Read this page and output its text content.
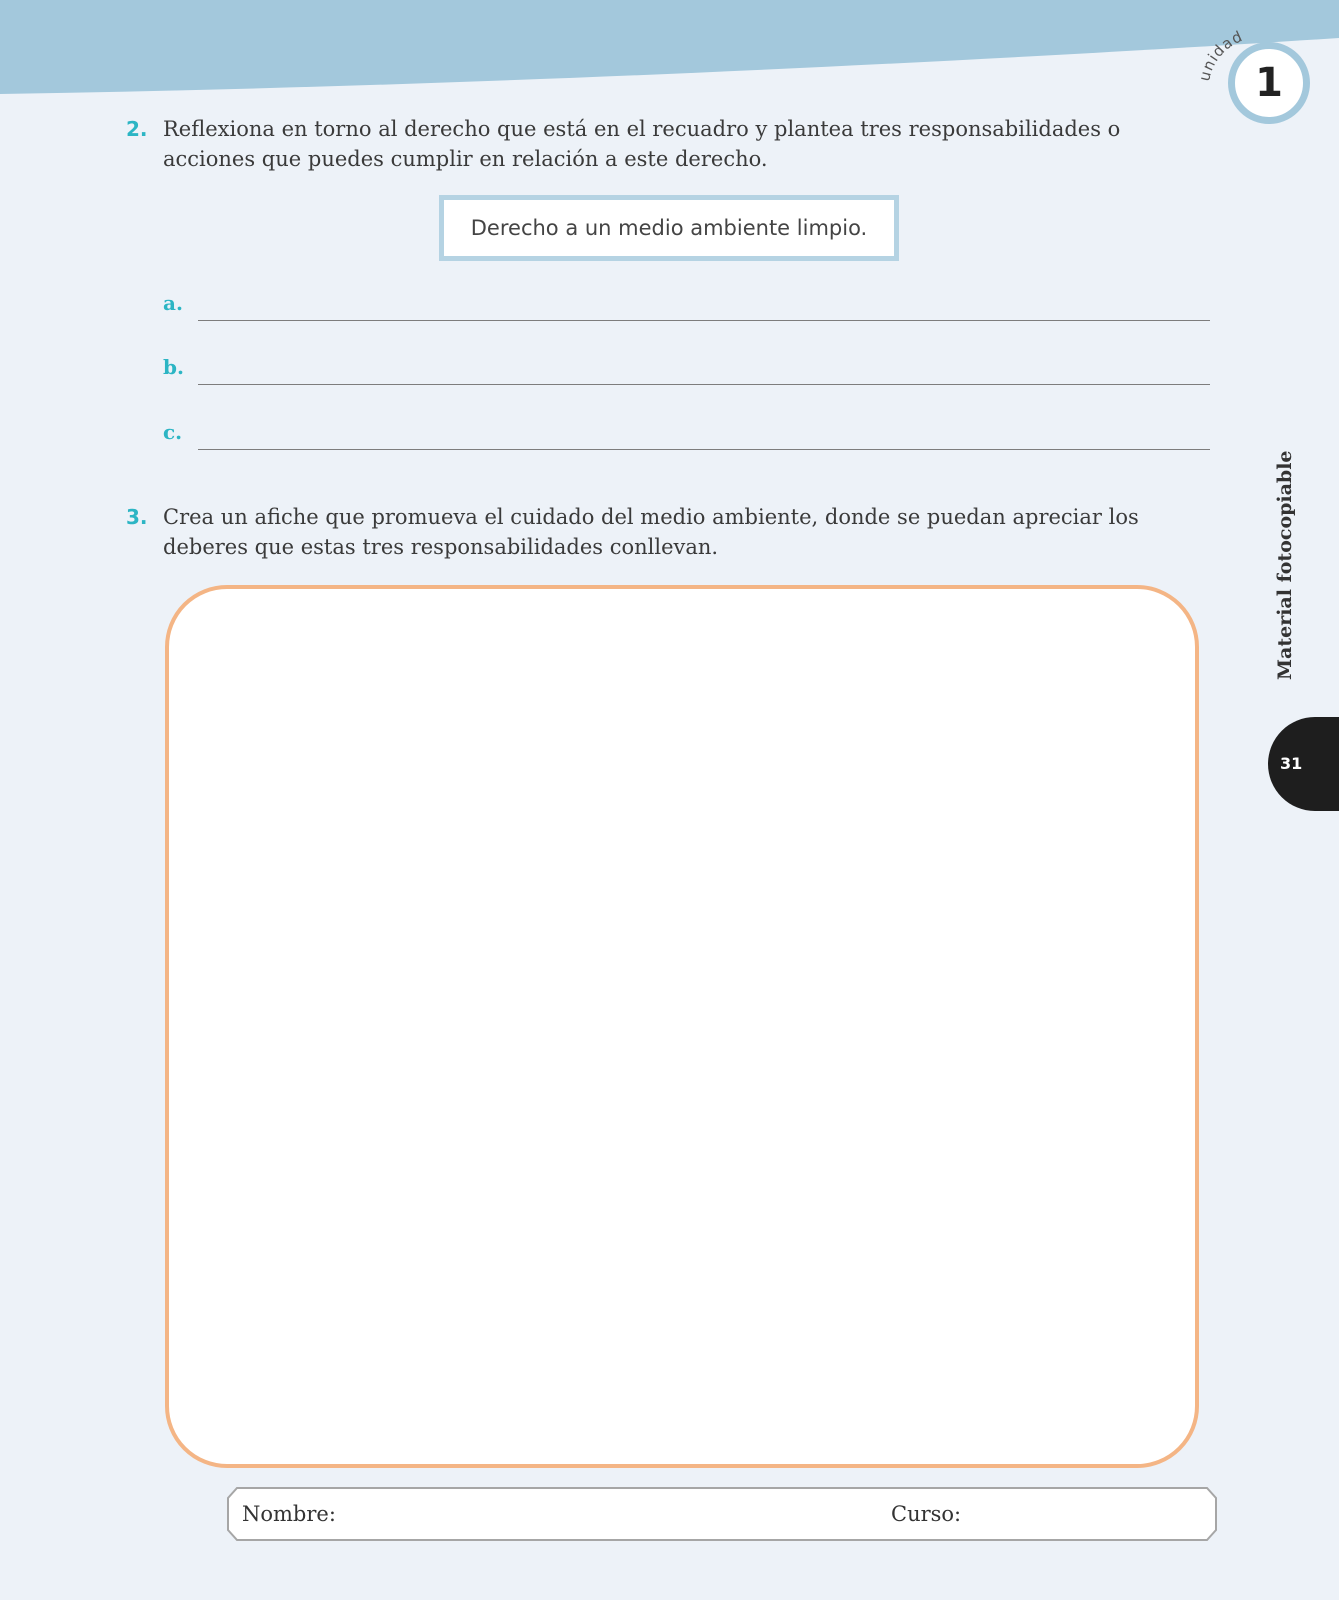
unidad
1
2. Reflexiona en torno al derecho que está en el recuadro y plantea tres responsabilidades o acciones que puedes cumplir en relación a este derecho.
Derecho a un medio ambiente limpio.
a.
b.
c.
3. Crea un afiche que promueva el cuidado del medio ambiente, donde se puedan apreciar los deberes que estas tres responsabilidades conllevan.	Material fotocopiable
31
Nombre:	Curso:
